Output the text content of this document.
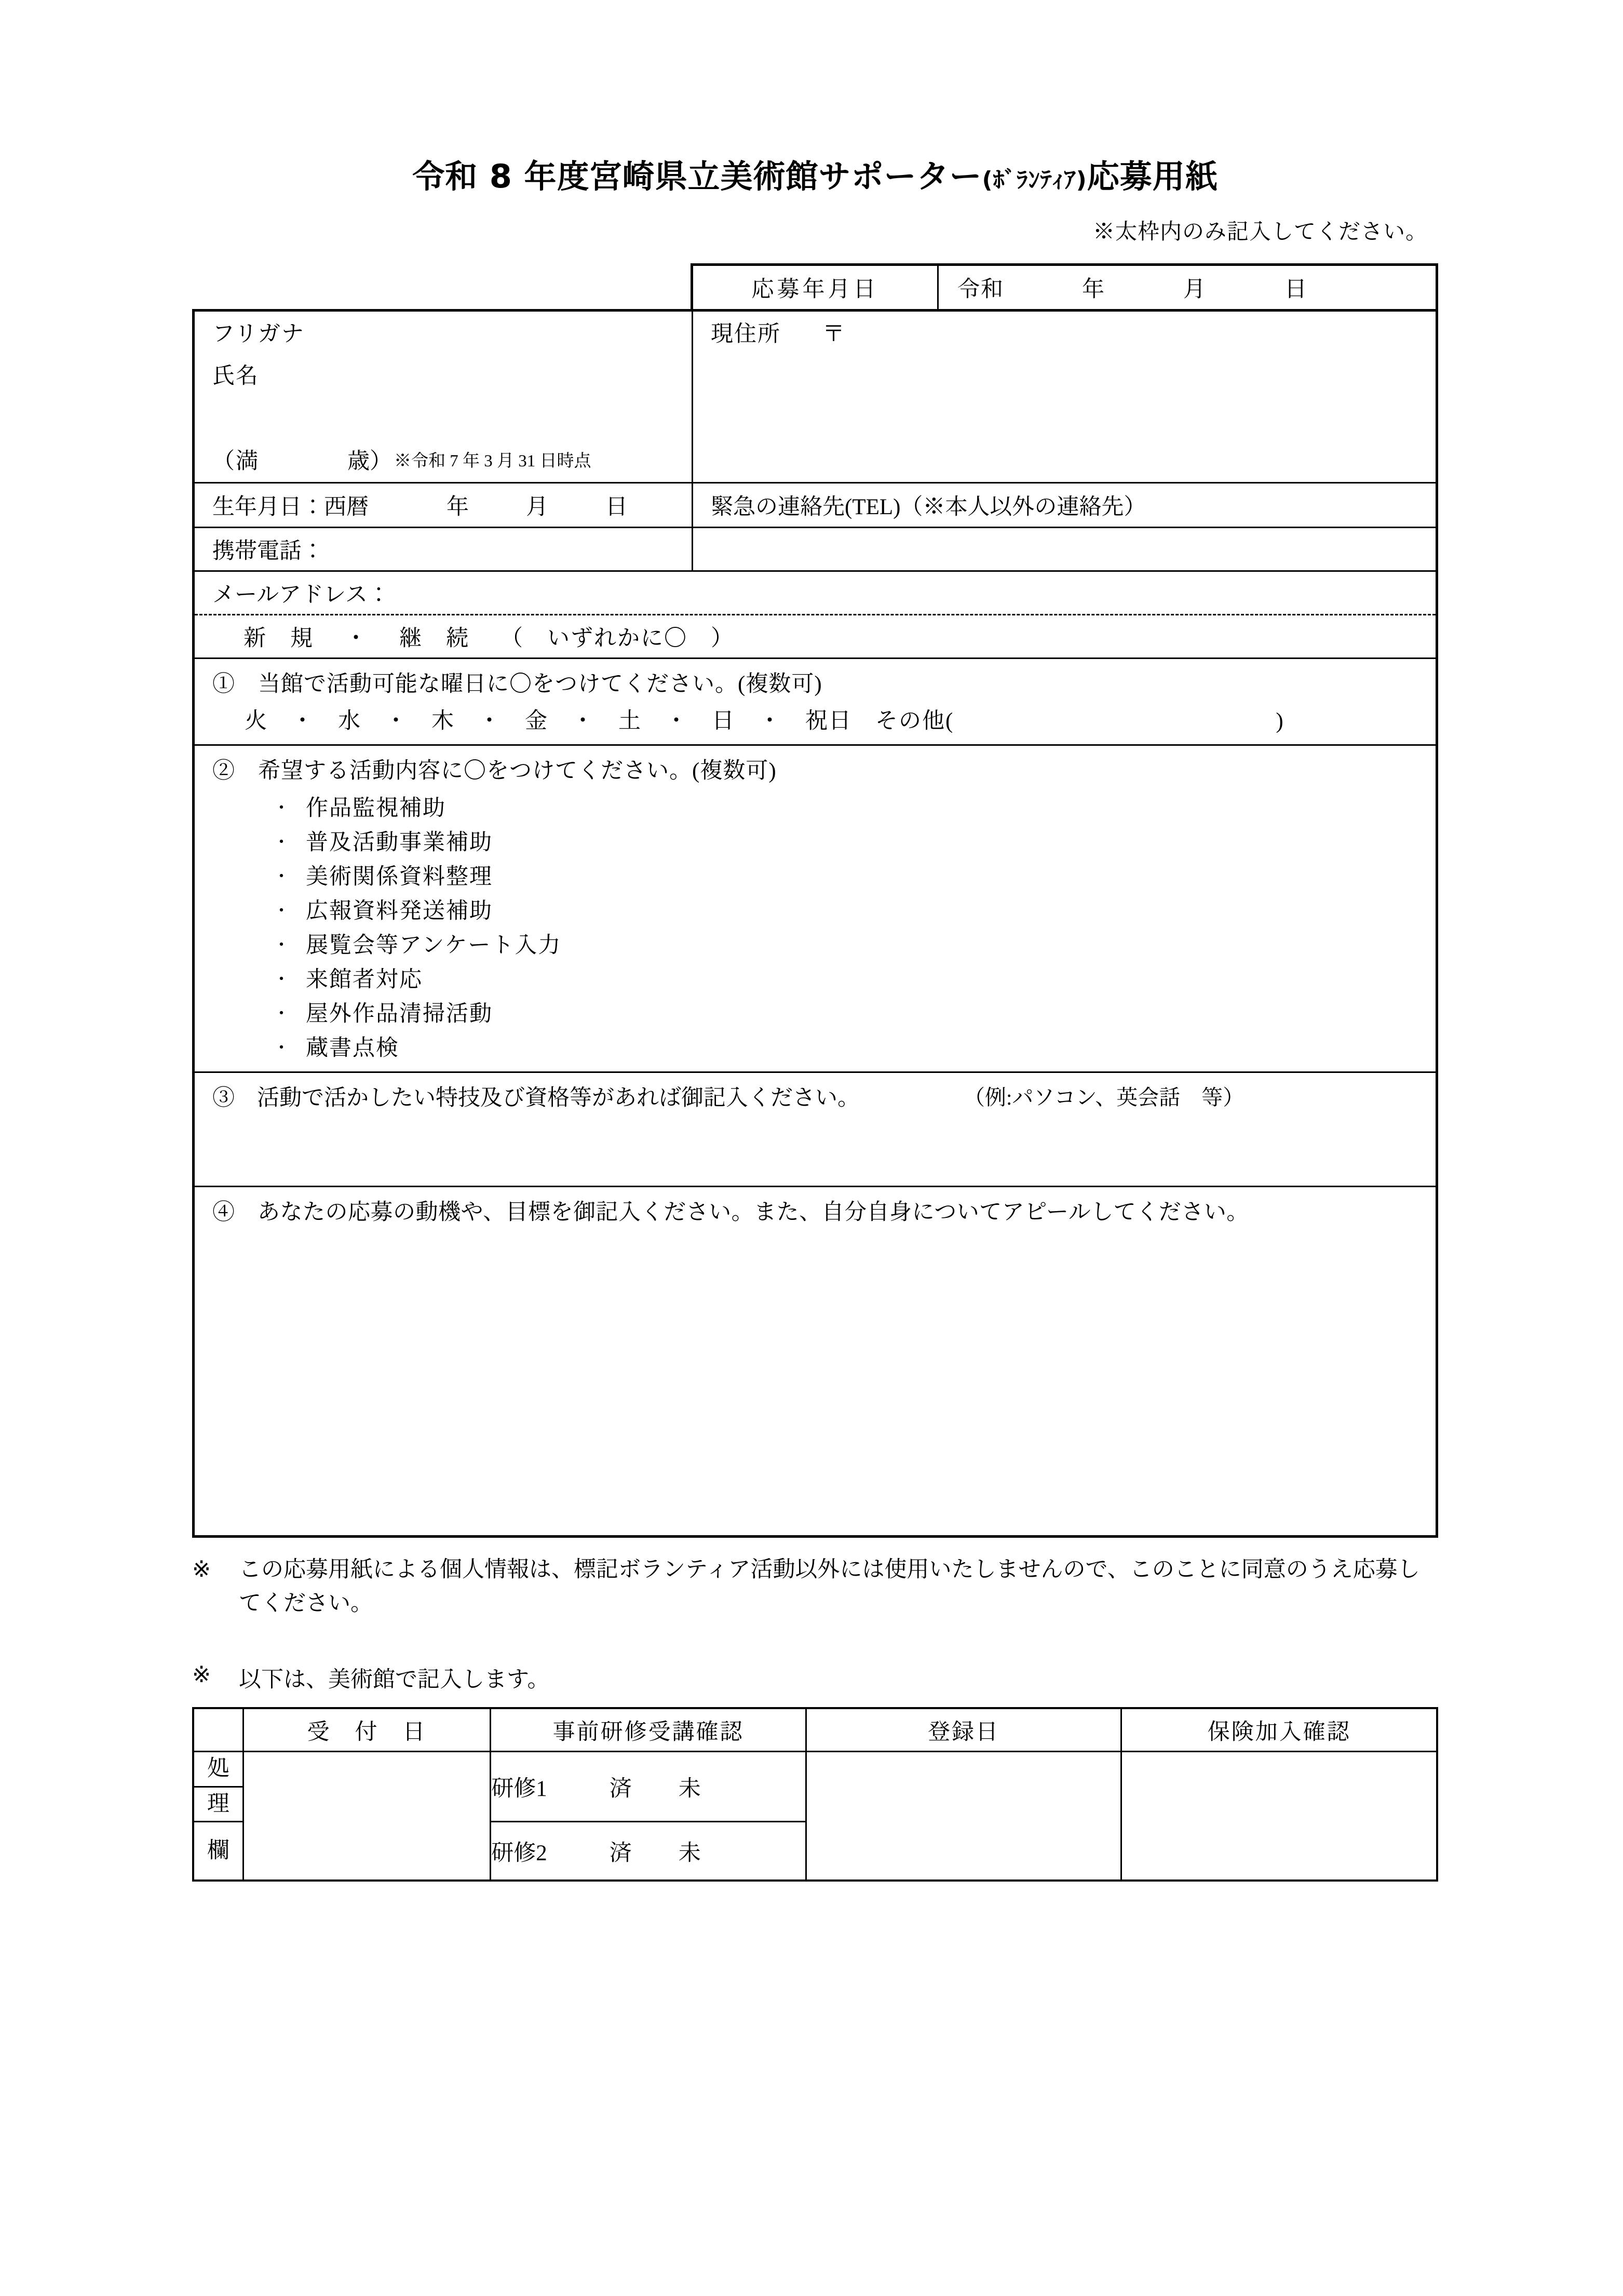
令和 8 年度宮崎県立美術館サポーター(ﾎﾞﾗﾝﾃｨｱ)応募用紙
※太枠内のみ記入してください。
応募年月日	令和	年	月	日
フリガナ
氏名
（満	歳） ※令和 7 年 3 月 31 日時点
現住所 〒
生年月日：西暦	年	月	日	緊急の連絡先(TEL)（※本人以外の連絡先）
携帯電話：
メールアドレス：
新　規 ・ 継　続 （　いずれかに〇　）
①　当館で活動可能な曜日に〇をつけてください。(複数可)
火　・　水　・　木　・　金　・　土　・　日　・　祝日　 その他(	)
②　希望する活動内容に〇をつけてください。(複数可)
・ 作品監視補助
・ 普及活動事業補助
・ 美術関係資料整理
・ 広報資料発送補助
・ 展覧会等アンケート入力
・ 来館者対応
・ 屋外作品清掃活動
・ 蔵書点検
③　活動で活かしたい特技及び資格等があれば御記入ください。	（例:パソコン、英会話　等）
④　あなたの応募の動機や、目標を御記入ください。また、自分自身についてアピールしてください。
※	この応募用紙による個人情報は、標記ボランティア活動以外には使用いたしませんので、このことに同意のうえ応募してください。
※	以下は、美術館で記入します。
	受　付　日	事前研修受講確認	登録日	保険加入確認
処		研修1 済 未		
理				
欄		研修2 済 未		
